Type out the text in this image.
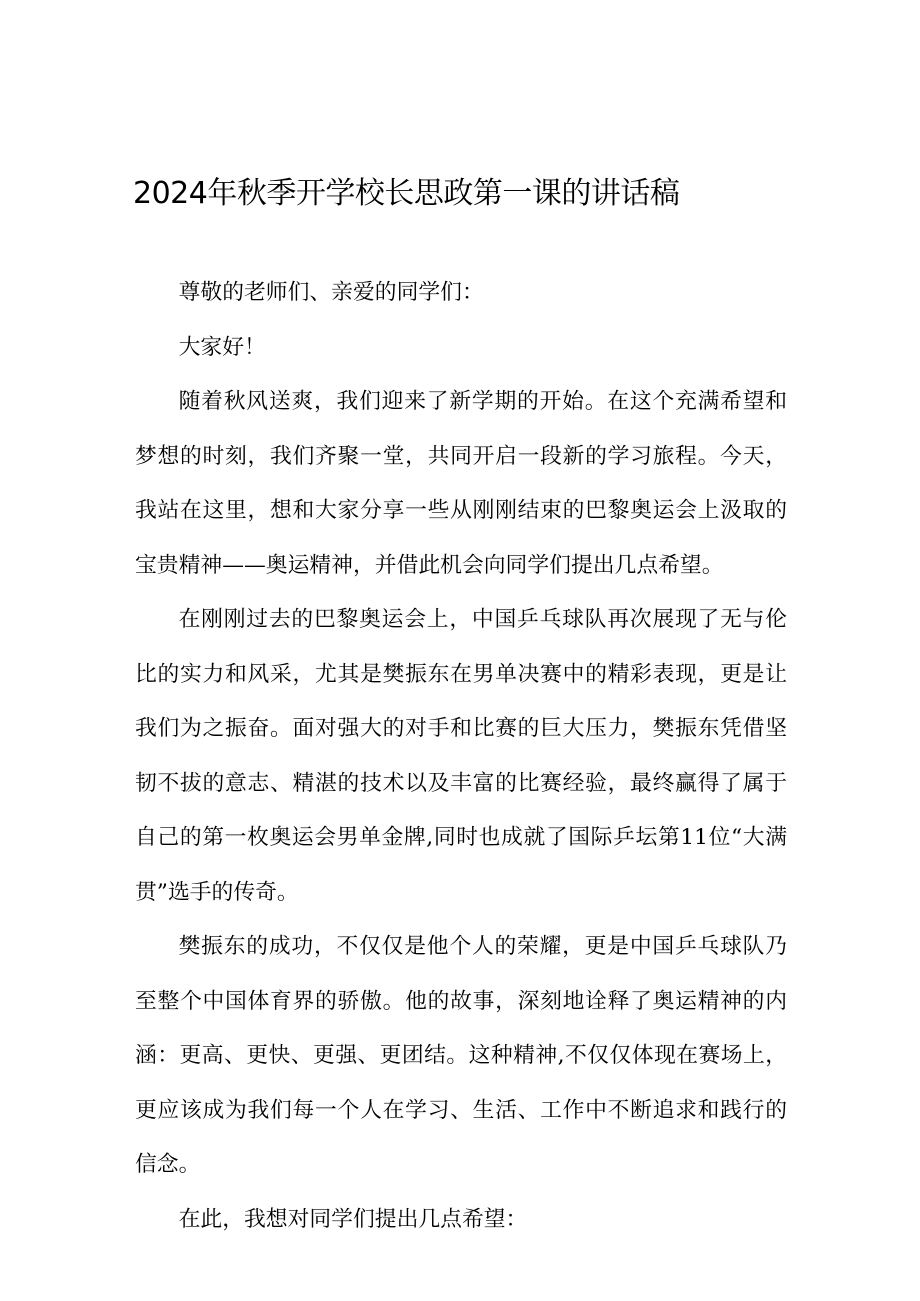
2024年秋季开学校长思政第一课的讲话稿

尊敬的老师们、亲爱的同学们：

大家好！

随着秋风送爽，我们迎来了新学期的开始。在这个充满希望和梦想的时刻，我们齐聚一堂，共同开启一段新的学习旅程。今天，我站在这里，想和大家分享一些从刚刚结束的巴黎奥运会上汲取的宝贵精神——奥运精神，并借此机会向同学们提出几点希望。

在刚刚过去的巴黎奥运会上，中国乒乓球队再次展现了无与伦比的实力和风采，尤其是樊振东在男单决赛中的精彩表现，更是让我们为之振奋。面对强大的对手和比赛的巨大压力，樊振东凭借坚韧不拔的意志、精湛的技术以及丰富的比赛经验，最终赢得了属于自己的第一枚奥运会男单金牌,同时也成就了国际乒坛第11位“大满贯”选手的传奇。

樊振东的成功，不仅仅是他个人的荣耀，更是中国乒乓球队乃至整个中国体育界的骄傲。他的故事，深刻地诠释了奥运精神的内涵：更高、更快、更强、更团结。这种精神,不仅仅体现在赛场上，更应该成为我们每一个人在学习、生活、工作中不断追求和践行的信念。

在此，我想对同学们提出几点希望：
